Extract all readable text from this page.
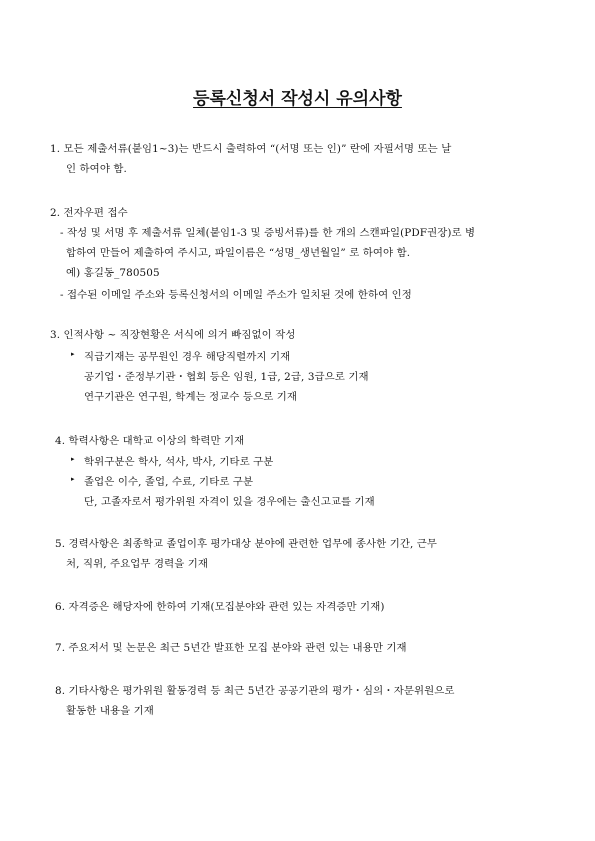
등록신청서 작성시 유의사항
1. 모든 제출서류(붙임1~3)는 반드시 출력하여 “(서명 또는 인)” 란에 자필서명 또는 날
인 하여야 함.
2. 전자우편 접수
- 작성 및 서명 후 제출서류 일체(붙임1-3 및 증빙서류)를 한 개의 스캔파일(PDF권장)로 병
합하여 만들어 제출하여 주시고, 파일이름은 “성명_생년월일” 로 하여야 함.
예) 홍길동_780505
- 접수된 이메일 주소와 등록신청서의 이메일 주소가 일치된 것에 한하여 인정
3. 인적사항 ~ 직장현황은 서식에 의거 빠짐없이 작성
▸ 직급기재는 공무원인 경우 해당직렬까지 기재
공기업・준정부기관・협회 등은 임원, 1급, 2급, 3급으로 기재
연구기관은 연구원, 학계는 정교수 등으로 기재
4. 학력사항은 대학교 이상의 학력만 기재
▸ 학위구분은 학사, 석사, 박사, 기타로 구분
▸ 졸업은 이수, 졸업, 수료, 기타로 구분
단, 고졸자로서 평가위원 자격이 있을 경우에는 출신고교를 기재
5. 경력사항은 최종학교 졸업이후 평가대상 분야에 관련한 업무에 종사한 기간, 근무
처, 직위, 주요업무 경력을 기재
6. 자격증은 해당자에 한하여 기재(모집분야와 관련 있는 자격증만 기재)
7. 주요저서 및 논문은 최근 5년간 발표한 모집 분야와 관련 있는 내용만 기재
8. 기타사항은 평가위원 활동경력 등 최근 5년간 공공기관의 평가・심의・자문위원으로
활동한 내용을 기재
